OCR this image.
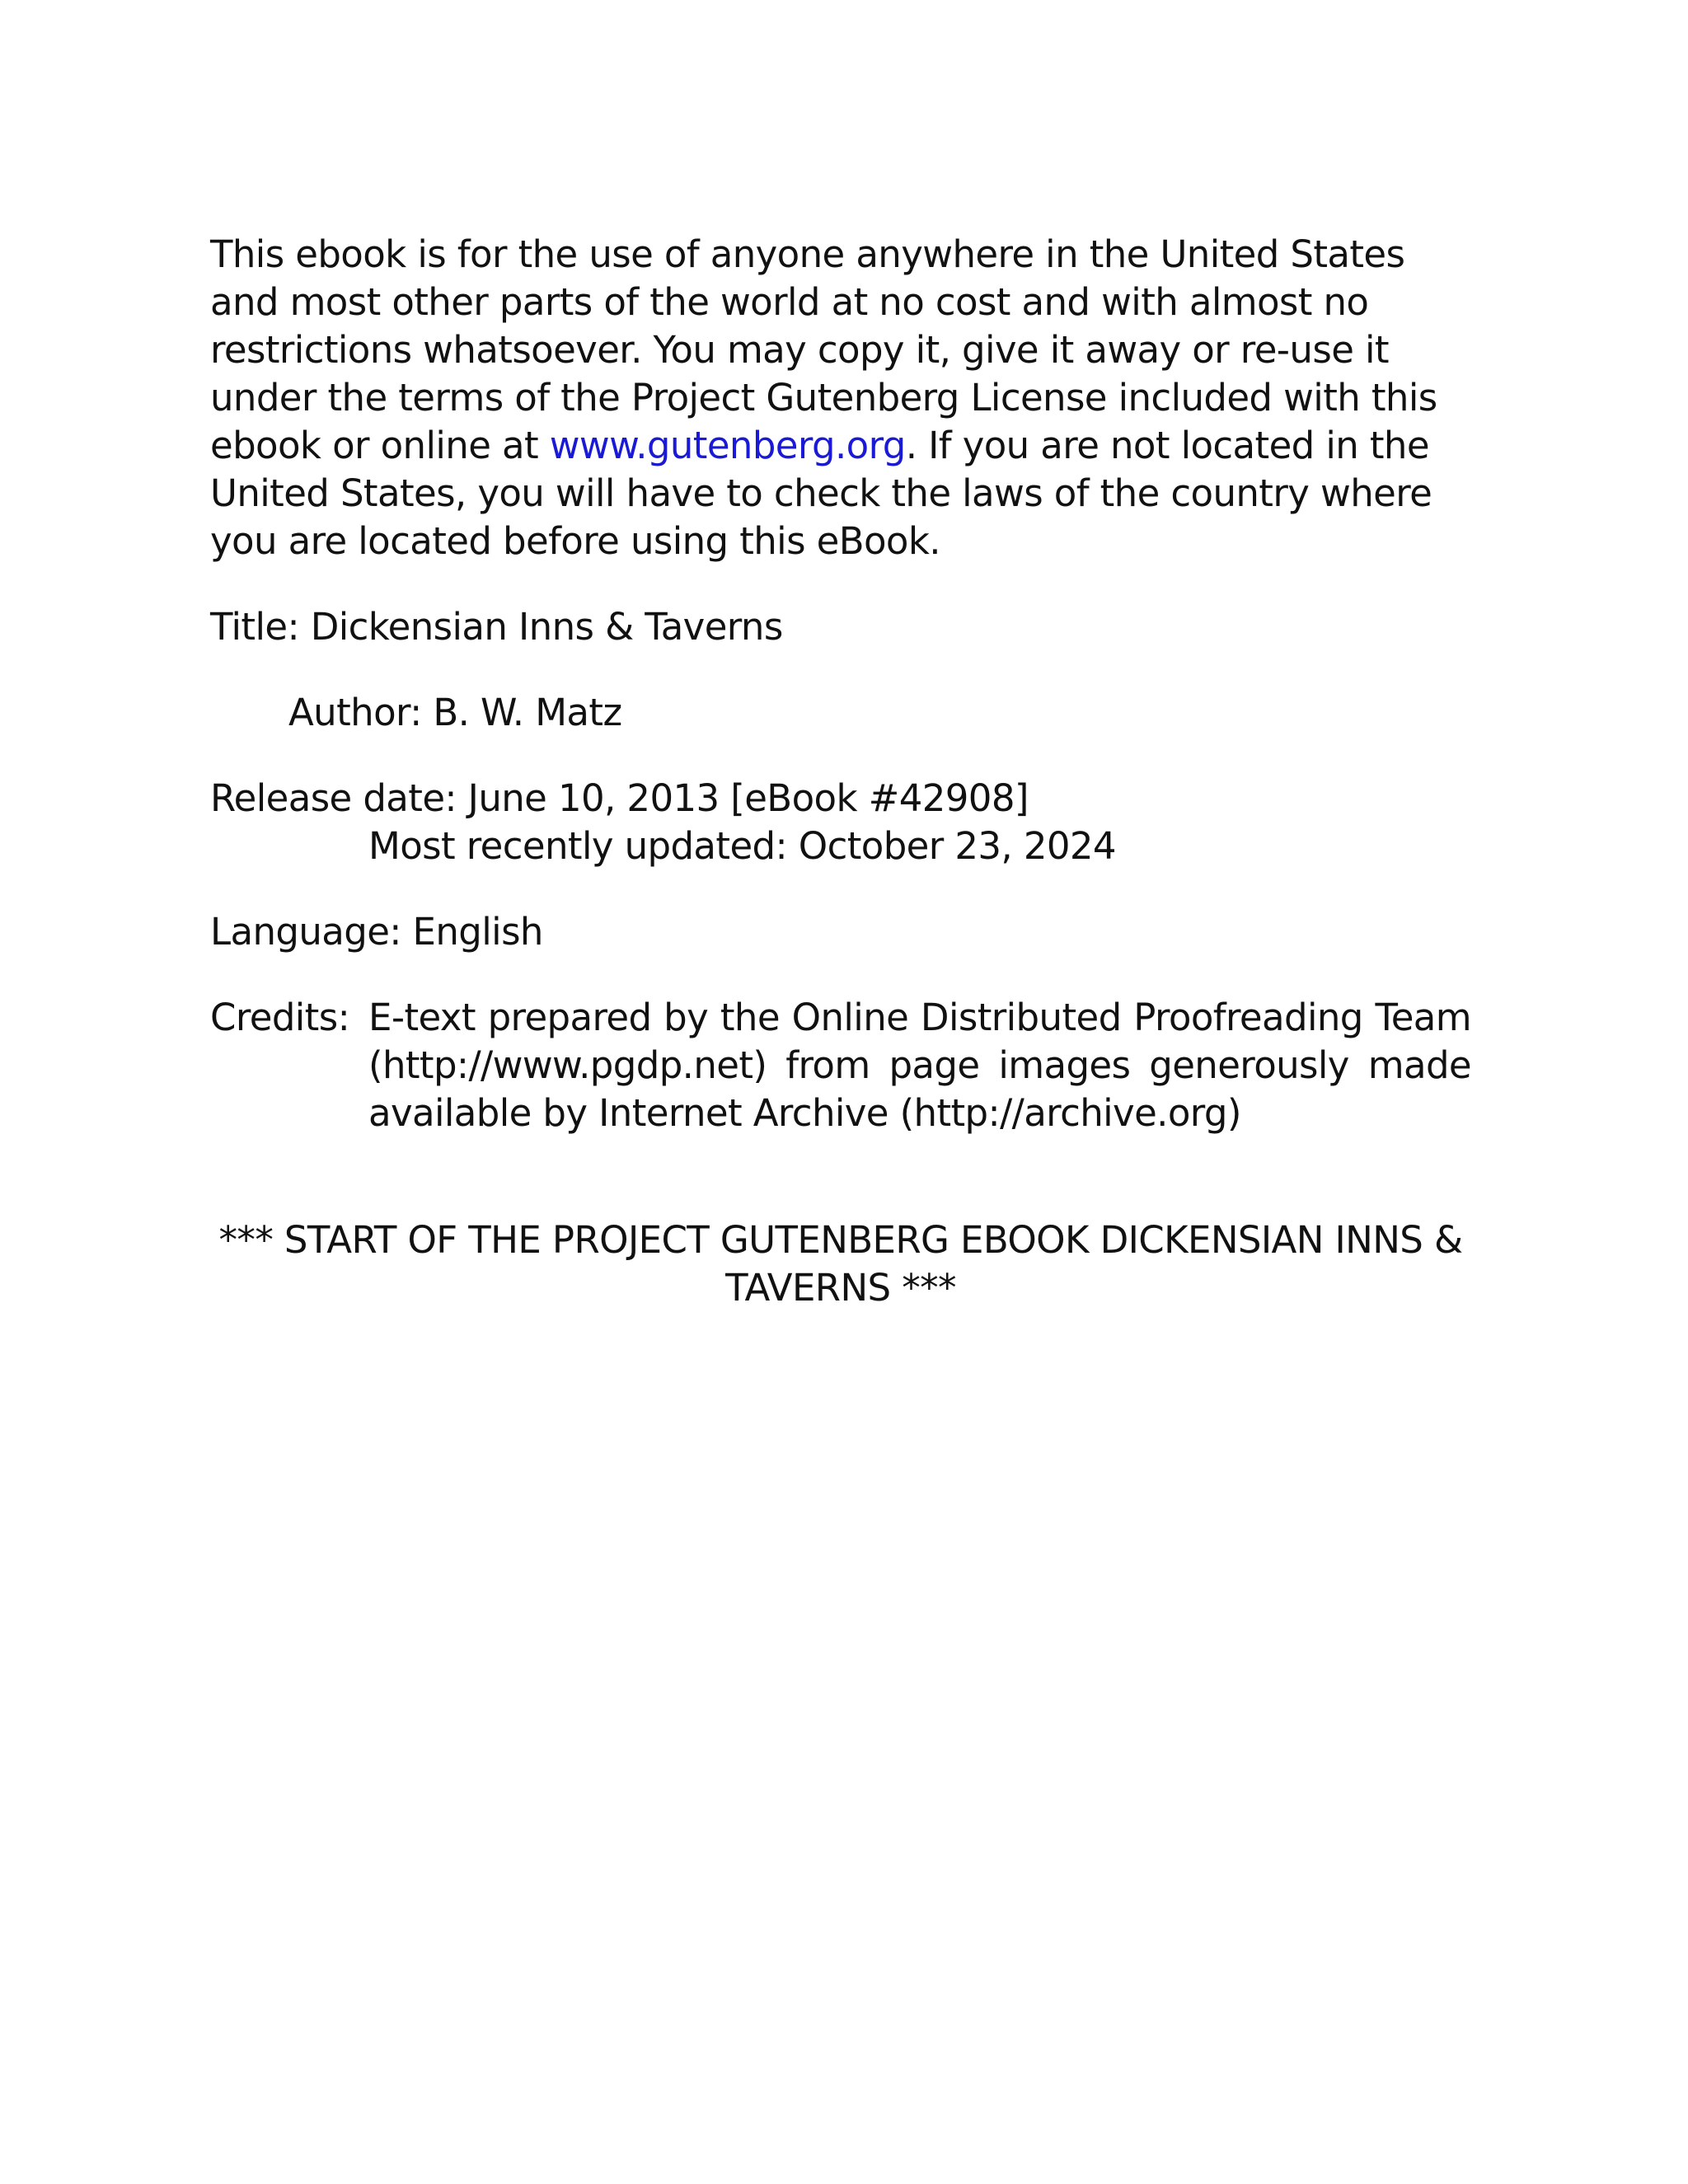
This ebook is for the use of anyone anywhere in the United States and most other parts of the world at no cost and with almost no restrictions whatsoever. You may copy it, give it away or re-use it under the terms of the Project Gutenberg License included with this ebook or online at www.gutenberg.org. If you are not located in the United States, you will have to check the laws of the country where you are located before using this eBook.

Title: Dickensian Inns & Taverns
Author: B. W. Matz
Release date: June 10, 2013 [eBook #42908]
Most recently updated: October 23, 2024
Language: English
Credits: E-text prepared by the Online Distributed Proofreading Team (http://www.pgdp.net) from page images generously made available by Internet Archive (http://archive.org)
*** START OF THE PROJECT GUTENBERG EBOOK DICKENSIAN INNS & TAVERNS ***
